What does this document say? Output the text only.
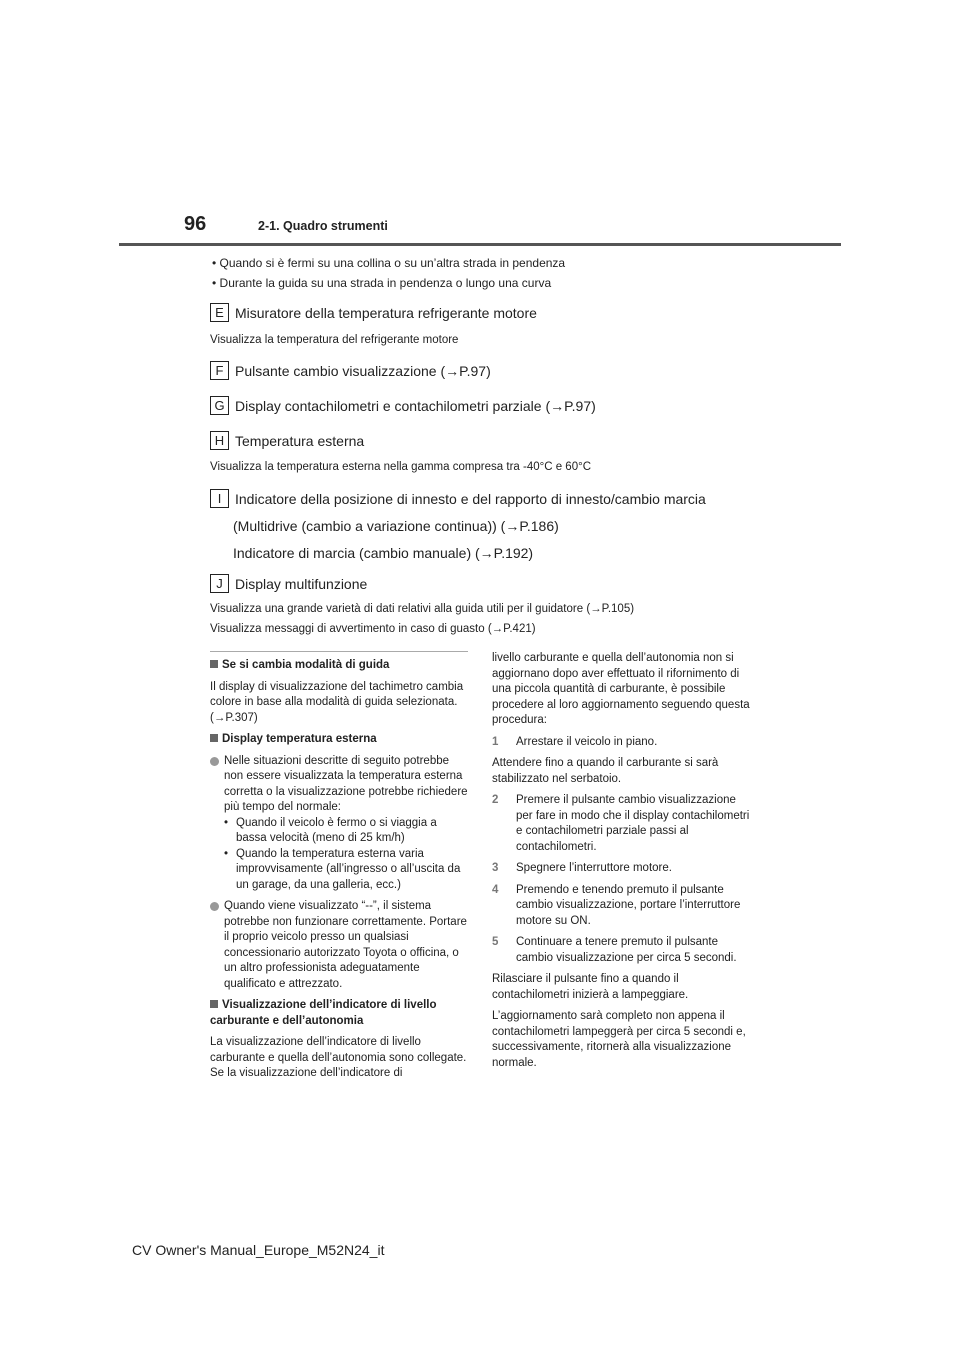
96	2-1. Quadro strumenti
• Quando si è fermi su una collina o su un’altra strada in pendenza
• Durante la guida su una strada in pendenza o lungo una curva
E Misuratore della temperatura refrigerante motore
Visualizza la temperatura del refrigerante motore
F Pulsante cambio visualizzazione (→P.97)
G Display contachilometri e contachilometri parziale (→P.97)
H Temperatura esterna
Visualizza la temperatura esterna nella gamma compresa tra -40°C e 60°C
I Indicatore della posizione di innesto e del rapporto di innesto/cambio marcia
(Multidrive (cambio a variazione continua)) (→P.186)
Indicatore di marcia (cambio manuale) (→P.192)
J Display multifunzione
Visualizza una grande varietà di dati relativi alla guida utili per il guidatore (→P.105)
Visualizza messaggi di avvertimento in caso di guasto (→P.421)
Se si cambia modalità di guida

Il display di visualizzazione del tachimetro cambia colore in base alla modalità di guida selezionata. (→P.307)

Display temperatura esterna
Nelle situazioni descritte di seguito potrebbe non essere visualizzata la temperatura esterna corretta o la visualizzazione potrebbe richiedere più tempo del normale:
• Quando il veicolo è fermo o si viaggia a bassa velocità (meno di 25 km/h)
• Quando la temperatura esterna varia improvvisamente (all’ingresso o all’uscita da un garage, da una galleria, ecc.)
Quando viene visualizzato “--”, il sistema potrebbe non funzionare correttamente. Portare il proprio veicolo presso un qualsiasi concessionario autorizzato Toyota o officina, o un altro professionista adeguatamente qualificato e attrezzato.
Visualizzazione dell’indicatore di livello carburante e dell’autonomia

La visualizzazione dell’indicatore di livello carburante e quella dell’autonomia sono collegate. Se la visualizzazione dell’indicatore di

livello carburante e quella dell’autonomia non si aggiornano dopo aver effettuato il rifornimento di una piccola quantità di carburante, è possibile procedere al loro aggiornamento seguendo questa procedura:

1 Arrestare il veicolo in piano.

Attendere fino a quando il carburante si sarà stabilizzato nel serbatoio.

2 Premere il pulsante cambio visualizzazione per fare in modo che il display contachilometri e contachilometri parziale passi al contachilometri.
3 Spegnere l’interruttore motore.
4 Premendo e tenendo premuto il pulsante cambio visualizzazione, portare l’interruttore motore su ON.
5 Continuare a tenere premuto il pulsante cambio visualizzazione per circa 5 secondi.

Rilasciare il pulsante fino a quando il contachilometri inizierà a lampeggiare.

L’aggiornamento sarà completo non appena il contachilometri lampeggerà per circa 5 secondi e, successivamente, ritornerà alla visualizzazione normale.

CV Owner's Manual_Europe_M52N24_it
